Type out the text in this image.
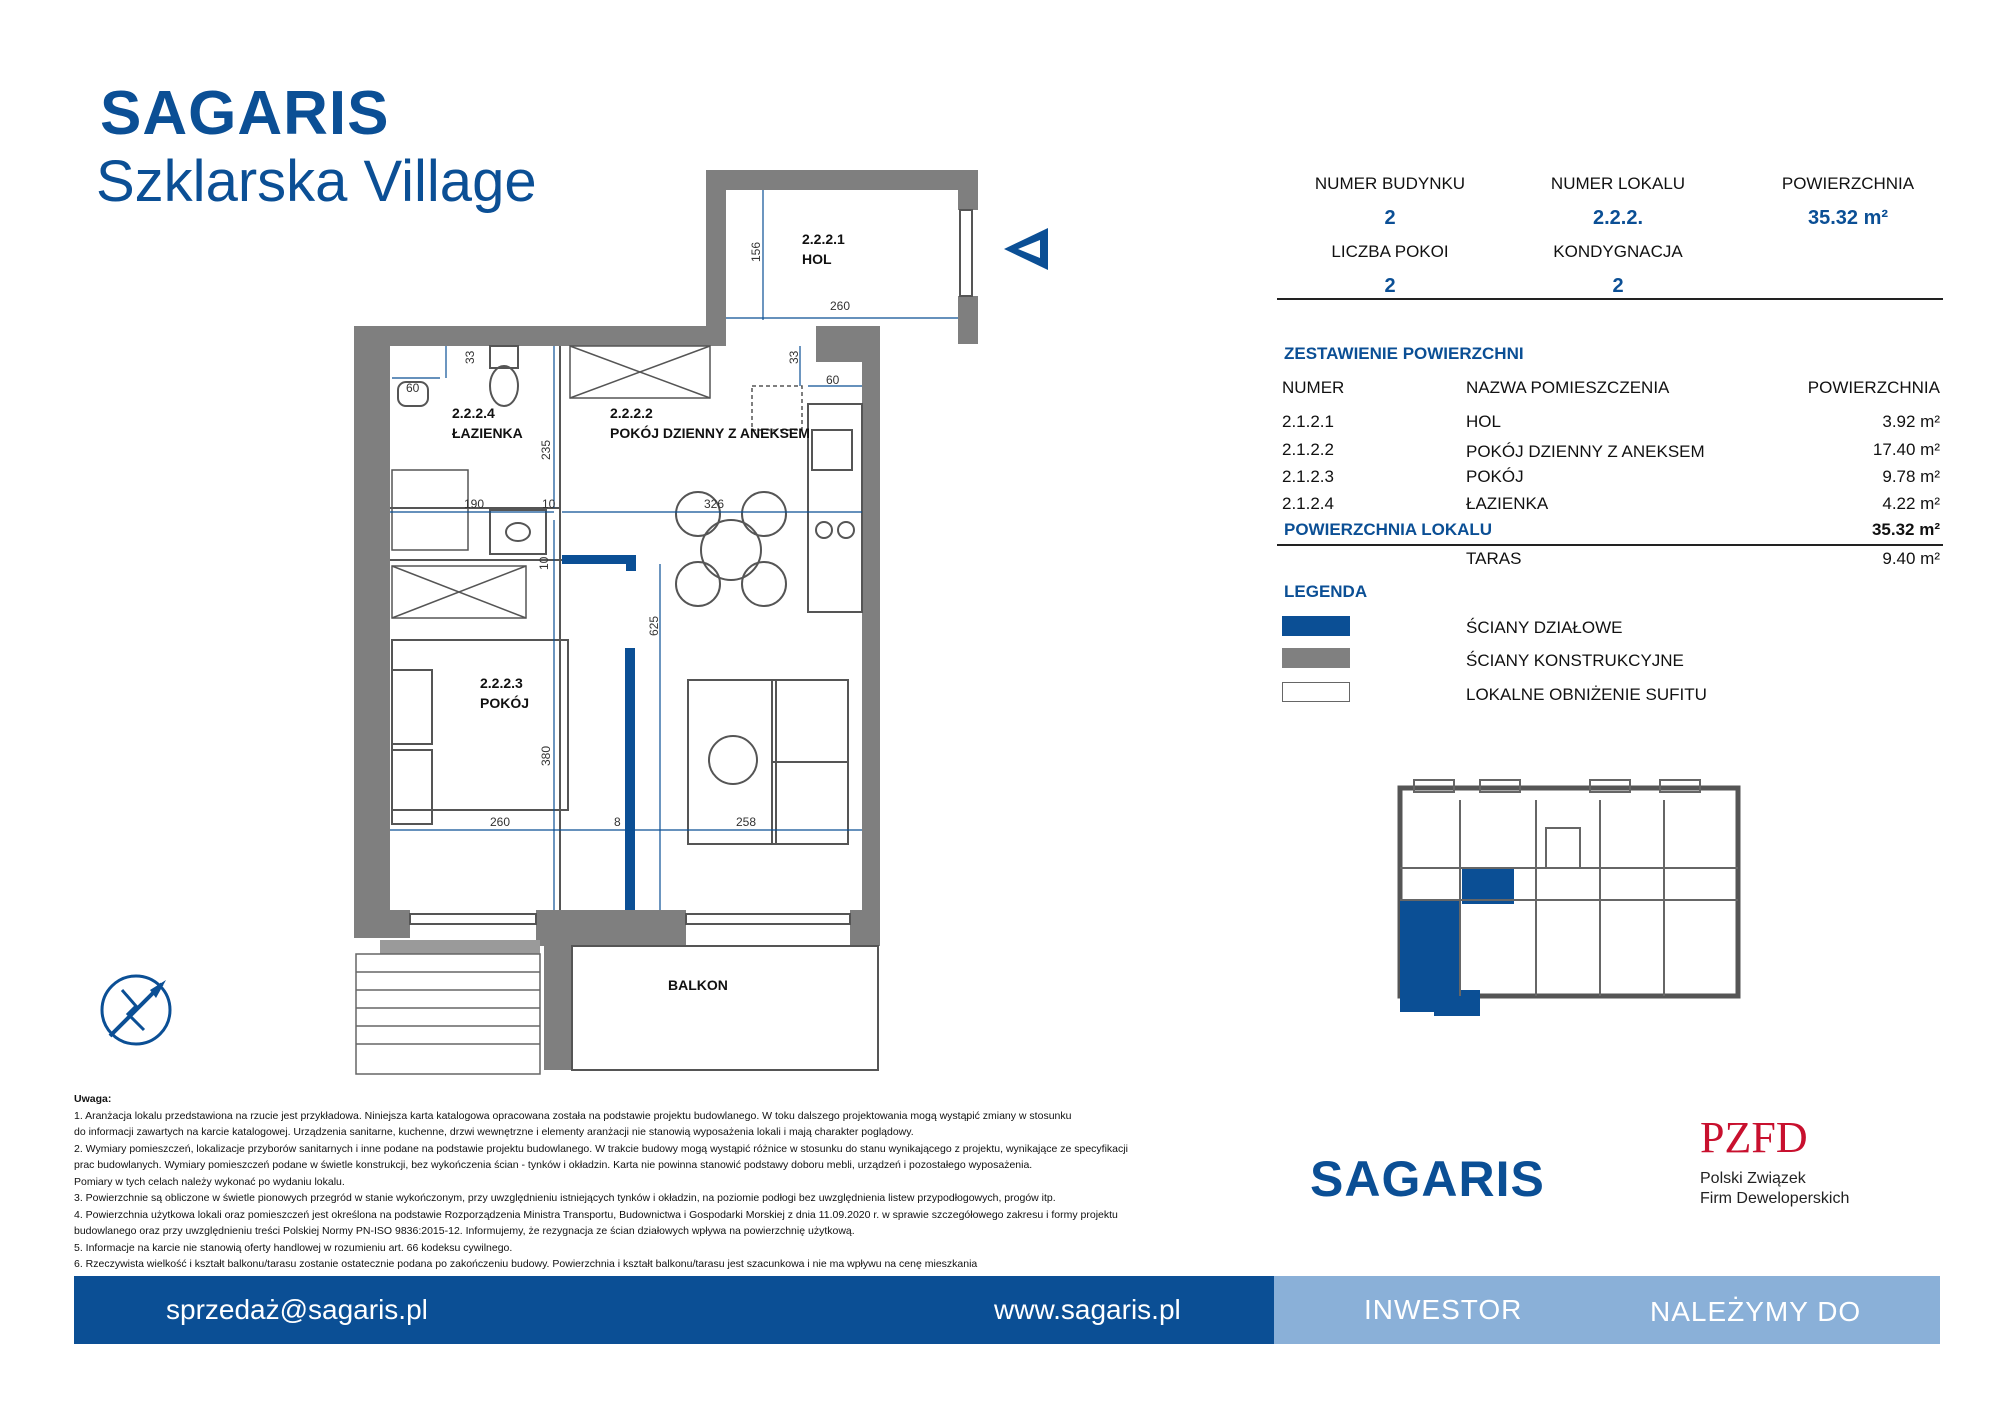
SAGARIS
Szklarska Village	NUMER BUDYNKU	NUMER LOKALU	POWIERZCHNIA
2	2.2.2.	35.32 m²
LICZBA POKOI	KONDYGNACJA
2	2
ZESTAWIENIE POWIERZCHNI
NUMER	NAZWA POMIESZCZENIA	POWIERZCHNIA
2.1.2.1	HOL	3.92 m²
2.1.2.2	POKÓJ DZIENNY Z ANEKSEM	17.40 m²
2.1.2.3	POKÓJ	9.78 m²
2.1.2.4	ŁAZIENKA	4.22 m²
POWIERZCHNIA LOKALU	35.32 m²
TARAS	9.40 m²
LEGENDA
ŚCIANY DZIAŁOWE
ŚCIANY KONSTRUKCYJNE
LOKALNE OBNIŻENIE SUFITU
156
260
33	33
60
60
235
190	10	326
10
625
380
260	8	258
2.2.2.1
HOL
2.2.2.2
POKÓJ DZIENNY Z ANEKSEM
2.2.2.4
ŁAZIENKA
2.2.2.3
POKÓJ
BALKON
Uwaga:
1. Aranżacja lokalu przedstawiona na rzucie jest przykładowa. Niniejsza karta katalogowa opracowana została na podstawie projektu budowlanego. W toku dalszego projektowania mogą wystąpić zmiany w stosunku
do informacji zawartych na karcie katalogowej. Urządzenia sanitarne, kuchenne, drzwi wewnętrzne i elementy aranżacji nie stanowią wyposażenia lokali i mają charakter poglądowy.
2. Wymiary pomieszczeń, lokalizacje przyborów sanitarnych i inne podane na podstawie projektu budowlanego. W trakcie budowy mogą wystąpić różnice w stosunku do stanu wynikającego z projektu, wynikające ze specyfikacji
prac budowlanych. Wymiary pomieszczeń podane w świetle konstrukcji, bez wykończenia ścian - tynków i okładzin. Karta nie powinna stanowić podstawy doboru mebli, urządzeń i pozostałego wyposażenia.
Pomiary w tych celach należy wykonać po wydaniu lokalu.
3. Powierzchnie są obliczone w świetle pionowych przegród w stanie wykończonym, przy uwzględnieniu istniejących tynków i okładzin, na poziomie podłogi bez uwzględnienia listew przypodłogowych, progów itp.
4. Powierzchnia użytkowa lokali oraz pomieszczeń jest określona na podstawie Rozporządzenia Ministra Transportu, Budownictwa i Gospodarki Morskiej z dnia 11.09.2020 r. w sprawie szczegółowego zakresu i formy projektu
budowlanego oraz przy uwzględnieniu treści Polskiej Normy PN-ISO 9836:2015-12. Informujemy, że rezygnacja ze ścian działowych wpływa na powierzchnię użytkową.
5. Informacje na karcie nie stanowią oferty handlowej w rozumieniu art. 66 kodeksu cywilnego.
6. Rzeczywista wielkość i kształt balkonu/tarasu zostanie ostatecznie podana po zakończeniu budowy. Powierzchnia i kształt balkonu/tarasu jest szacunkowa i nie ma wpływu na cenę mieszkania
SAGARIS
PZFD
Polski Związek
Firm Deweloperskich
sprzedaż@sagaris.pl	www.sagaris.pl	INWESTOR	NALEŻYMY DO
